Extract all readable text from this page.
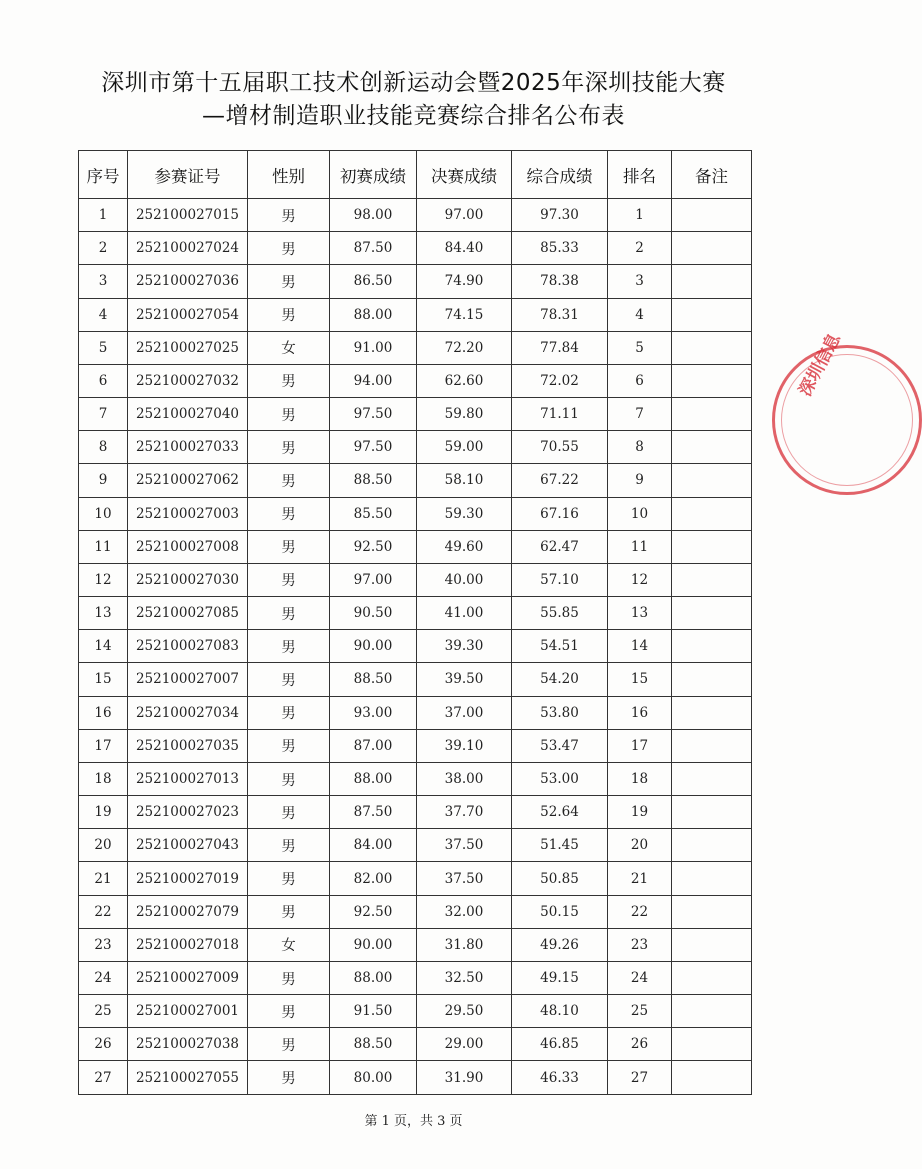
深圳市第十五届职工技术创新运动会暨2025年深圳技能大赛
—增材制造职业技能竞赛综合排名公布表
序号	参赛证号	性别	初赛成绩	决赛成绩	综合成绩	排名	备注
1	252100027015	男	98.00	97.00	97.30	1	
2	252100027024	男	87.50	84.40	85.33	2	
3	252100027036	男	86.50	74.90	78.38	3	
4	252100027054	男	88.00	74.15	78.31	4	
5	252100027025	女	91.00	72.20	77.84	5	
6	252100027032	男	94.00	62.60	72.02	6	
7	252100027040	男	97.50	59.80	71.11	7	
8	252100027033	男	97.50	59.00	70.55	8	
9	252100027062	男	88.50	58.10	67.22	9	
10	252100027003	男	85.50	59.30	67.16	10	
11	252100027008	男	92.50	49.60	62.47	11	
12	252100027030	男	97.00	40.00	57.10	12	
13	252100027085	男	90.50	41.00	55.85	13	
14	252100027083	男	90.00	39.30	54.51	14	
15	252100027007	男	88.50	39.50	54.20	15	
16	252100027034	男	93.00	37.00	53.80	16	
17	252100027035	男	87.00	39.10	53.47	17	
18	252100027013	男	88.00	38.00	53.00	18	
19	252100027023	男	87.50	37.70	52.64	19	
20	252100027043	男	84.00	37.50	51.45	20	
21	252100027019	男	82.00	37.50	50.85	21	
22	252100027079	男	92.50	32.00	50.15	22	
23	252100027018	女	90.00	31.80	49.26	23	
24	252100027009	男	88.00	32.50	49.15	24	
25	252100027001	男	91.50	29.50	48.10	25	
26	252100027038	男	88.50	29.00	46.85	26	
27	252100027055	男	80.00	31.90	46.33	27	
深圳信息
第 1 页，共 3 页
